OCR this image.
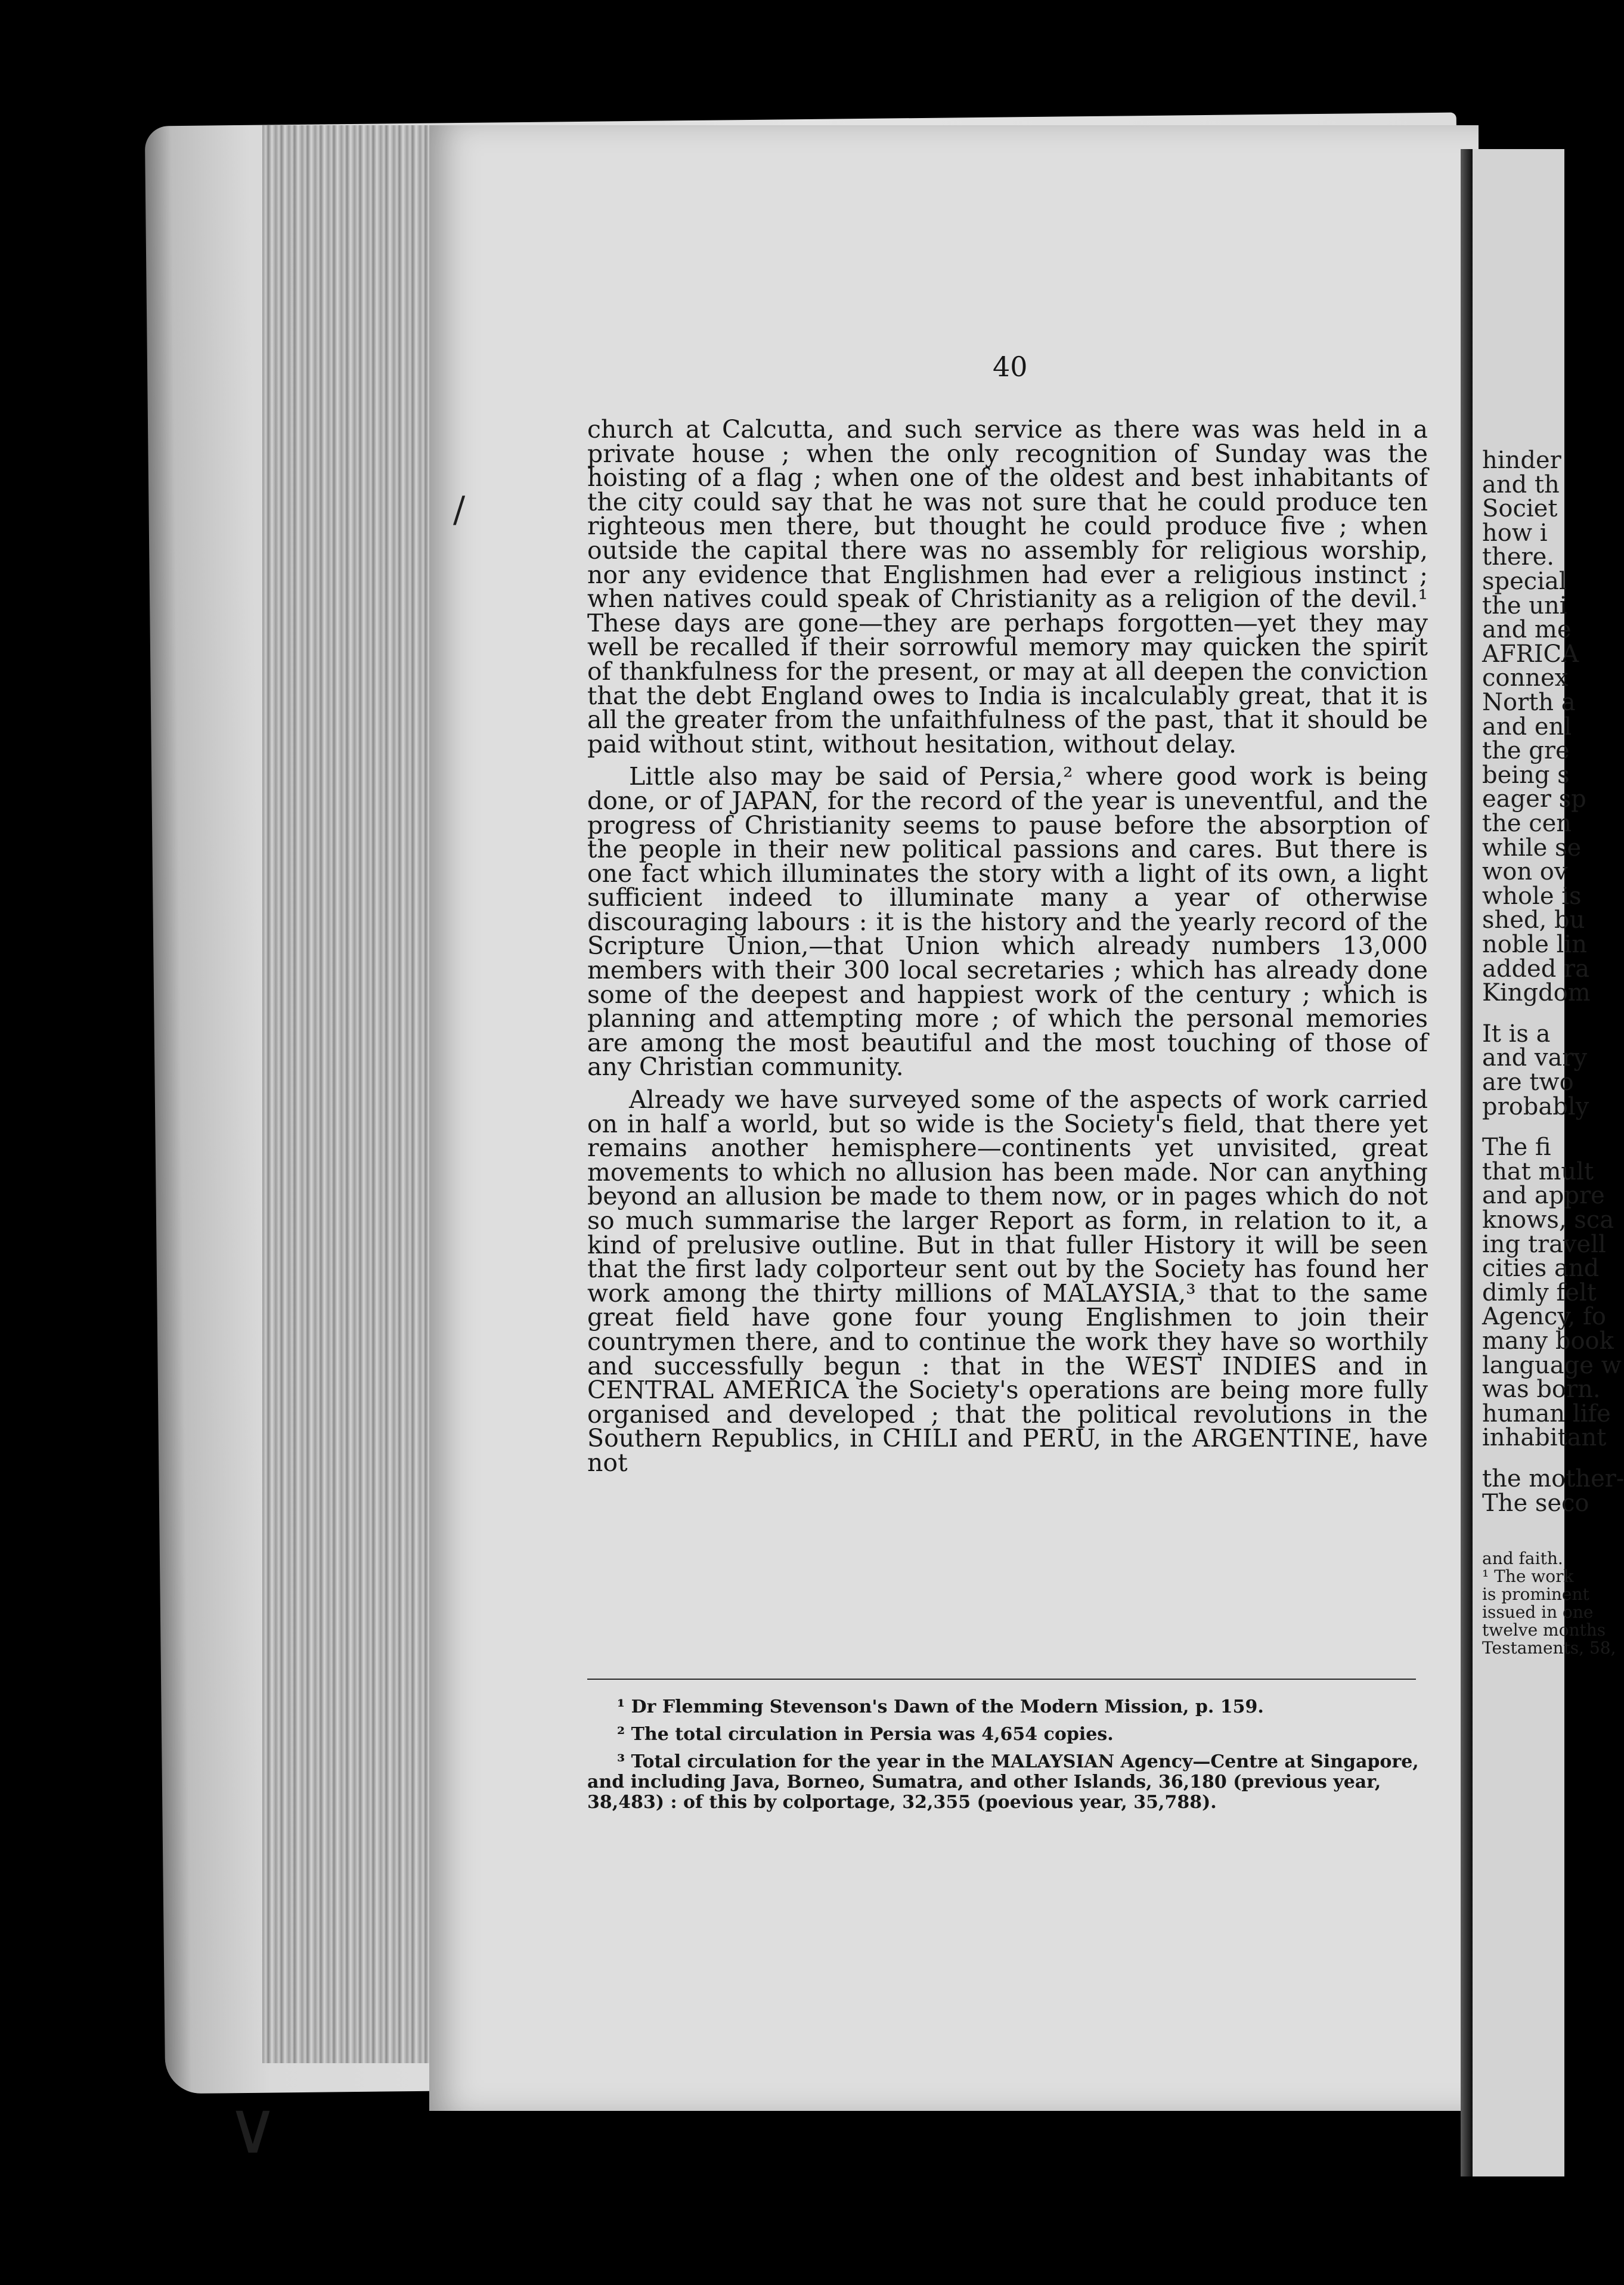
40

church at Calcutta, and such service as there was was held in a private house ; when the only recognition of Sunday was the hoisting of a flag ; when one of the oldest and best inhabitants of the city could say that he was not sure that he could produce ten righteous men there, but thought he could produce five ; when outside the capital there was no assembly for religious worship, nor any evidence that Englishmen had ever a religious instinct ; when natives could speak of Christianity as a religion of the devil.¹ These days are gone—they are perhaps forgotten—yet they may well be recalled if their sorrowful memory may quicken the spirit of thankfulness for the present, or may at all deepen the conviction that the debt England owes to India is incalculably great, that it is all the greater from the unfaithfulness of the past, that it should be paid without stint, without hesitation, without delay.

Little also may be said of Persia,² where good work is being done, or of JAPAN, for the record of the year is uneventful, and the progress of Christianity seems to pause before the absorption of the people in their new political passions and cares. But there is one fact which illuminates the story with a light of its own, a light sufficient indeed to illuminate many a year of otherwise discouraging labours : it is the history and the yearly record of the Scripture Union,—that Union which already numbers 13,000 members with their 300 local secretaries ; which has already done some of the deepest and happiest work of the century ; which is planning and attempting more ; of which the personal memories are among the most beautiful and the most touching of those of any Christian community.

Already we have surveyed some of the aspects of work carried on in half a world, but so wide is the Society's field, that there yet remains another hemisphere—continents yet unvisited, great movements to which no allusion has been made. Nor can anything beyond an allusion be made to them now, or in pages which do not so much summarise the larger Report as form, in relation to it, a kind of prelusive outline. But in that fuller History it will be seen that the first lady colporteur sent out by the Society has found her work among the thirty millions of MALAYSIA,³ that to the same great field have gone four young Englishmen to join their countrymen there, and to continue the work they have so worthily and successfully begun : that in the WEST INDIES and in CENTRAL AMERICA the Society's operations are being more fully organised and developed ; that the political revolutions in the Southern Republics, in CHILI and PERU, in the ARGENTINE, have not

¹ Dr Flemming Stevenson's Dawn of the Modern Mission, p. 159.

² The total circulation in Persia was 4,654 copies.

³ Total circulation for the year in the MALAYSIAN Agency—Centre at Singapore, and including Java, Borneo, Sumatra, and other Islands, 36,180 (previous year, 38,483) : of this by colportage, 32,355 (poevious year, 35,788).

hinder
and th
Societ
how i
there.
special
the uni
and me
AFRICA
connex
North a
and enl
the gre
being s
eager sp
the cen
while se
won ov
whole is
shed, bu
noble lin
added ra
Kingdom
It is a
and vary
are two
probably
The fi
that mult
and appre
knows, sca
ing travell
cities and
dimly felt
Agency, fo
many book
language w
was born.
human life
inhabitant
the mother-
The seco
and faith.
¹ The work
is prominent
issued in one
twelve months
Testaments, 58,
/
∨
